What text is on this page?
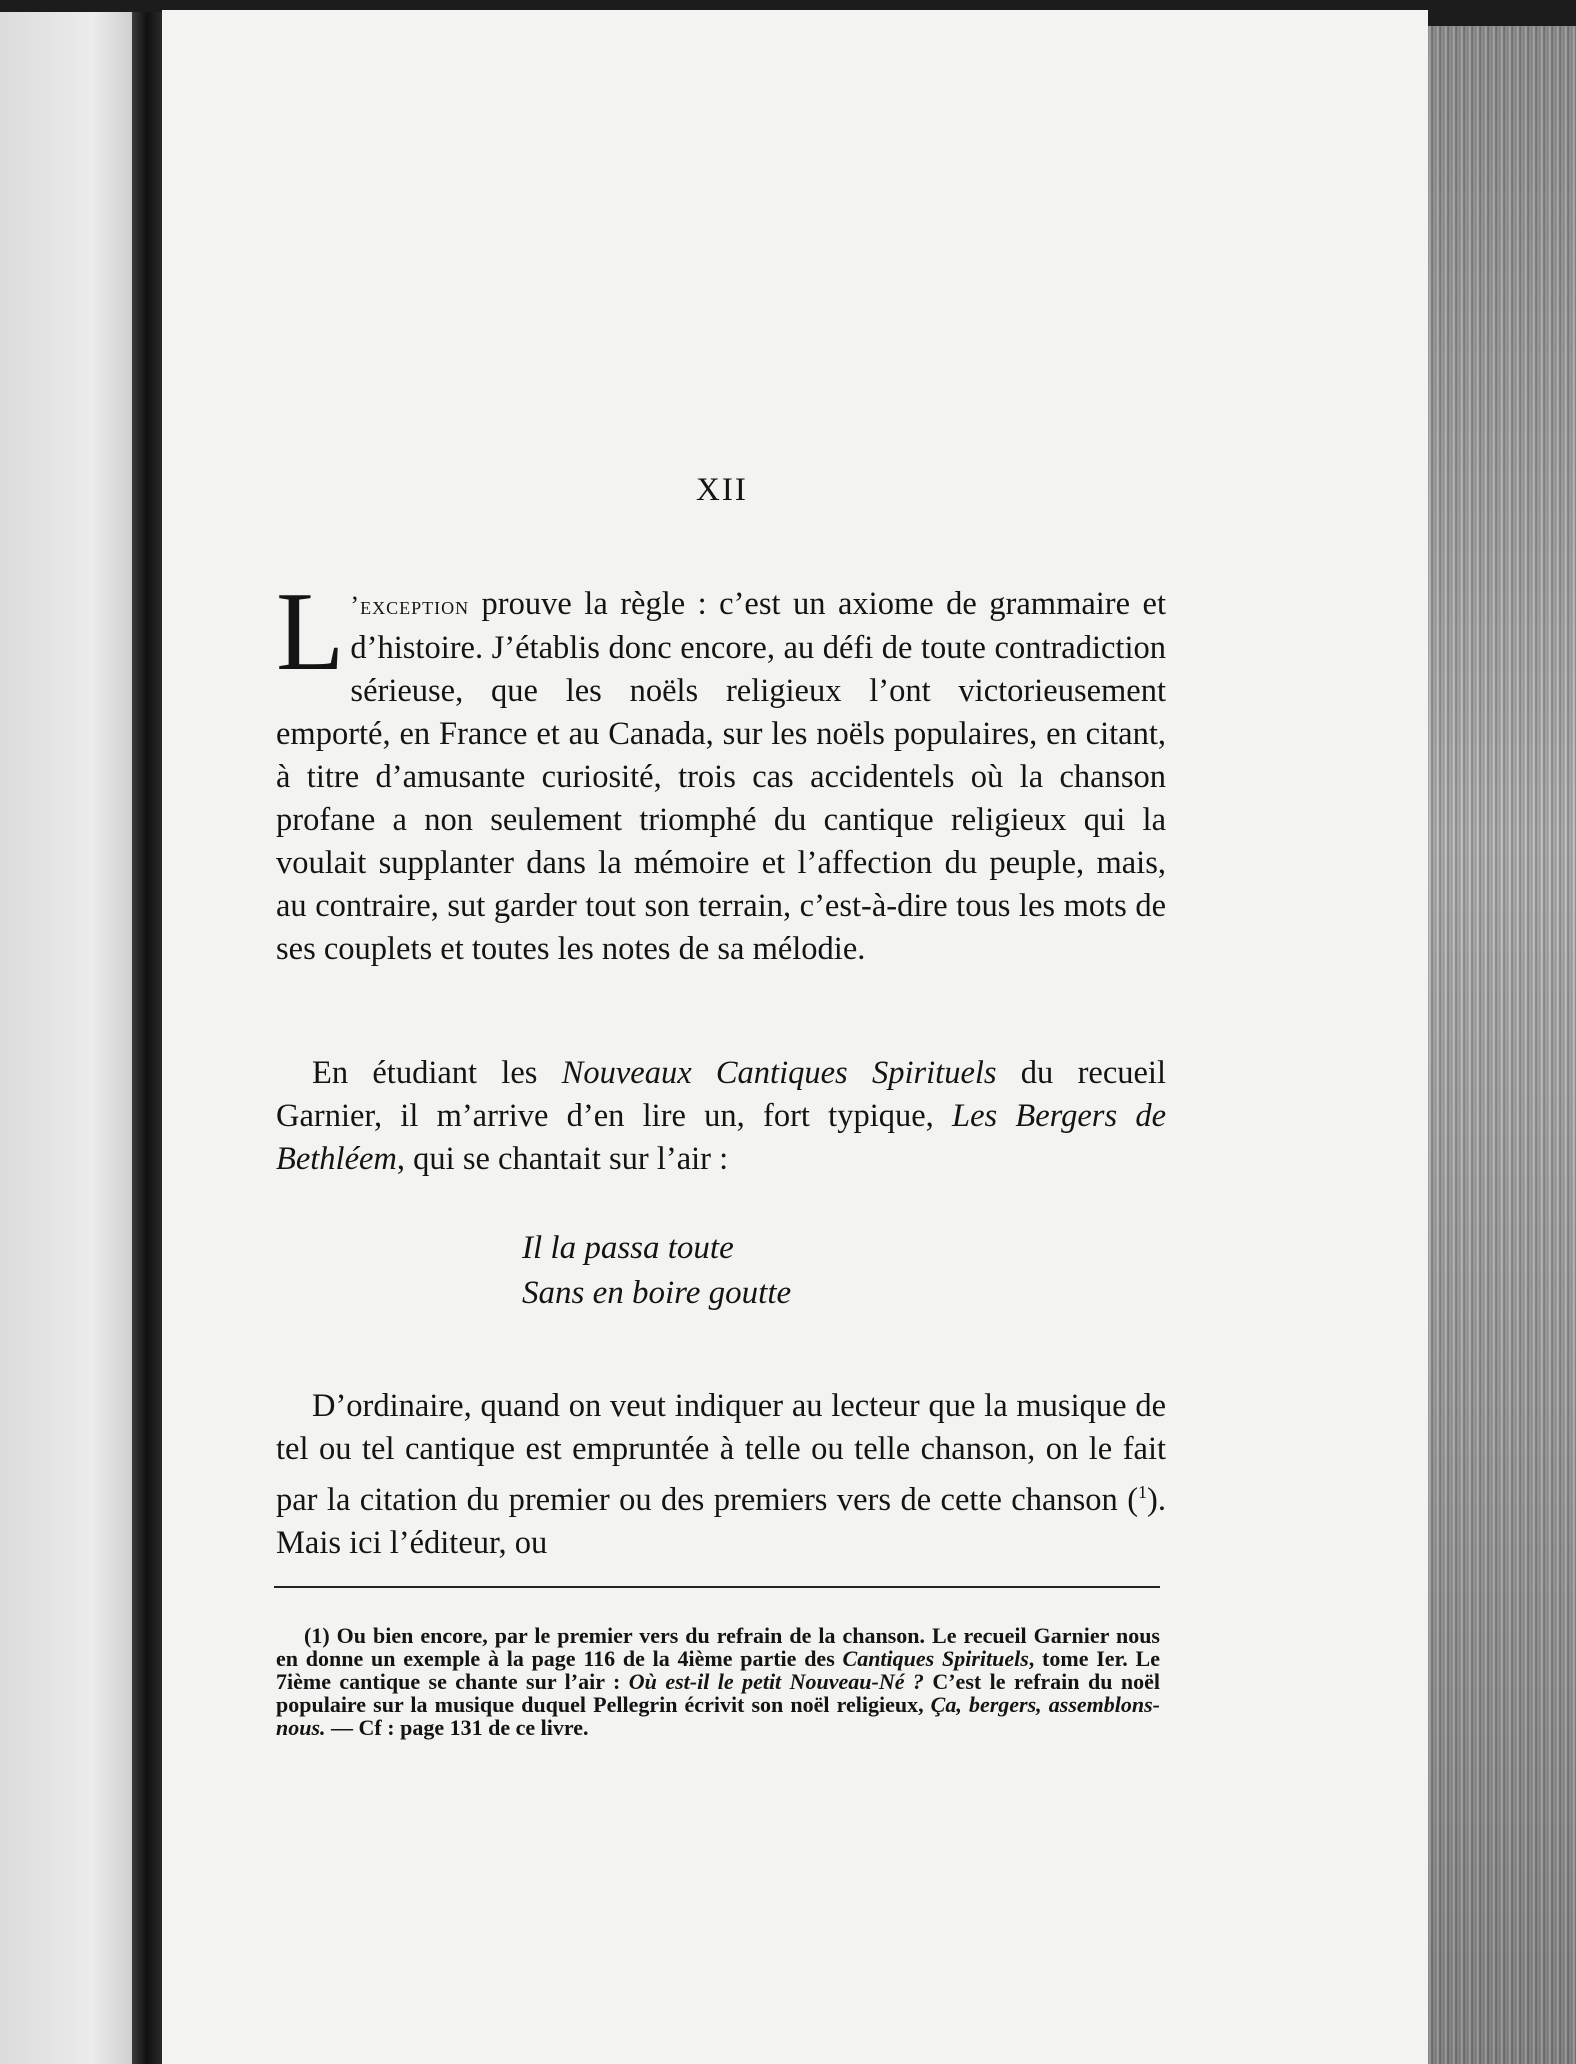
XII
L ’exception prouve la règle : c’est un axiome de grammaire et d’histoire. J’établis donc encore, au défi de toute contradiction sérieuse, que les noëls religieux l’ont victorieusement emporté, en France et au Canada, sur les noëls populaires, en citant, à titre d’amusante curiosité, trois cas accidentels où la chanson profane a non seulement triomphé du cantique religieux qui la voulait supplanter dans la mémoire et l’affection du peuple, mais, au contraire, sut garder tout son terrain, c’est-à-dire tous les mots de ses couplets et toutes les notes de sa mélodie.
En étudiant les Nouveaux Cantiques Spirituels du recueil Garnier, il m’arrive d’en lire un, fort typique, Les Bergers de Bethléem, qui se chantait sur l’air :
Il la passa toute
Sans en boire goutte
D’ordinaire, quand on veut indiquer au lecteur que la musique de tel ou tel cantique est empruntée à telle ou telle chanson, on le fait par la citation du premier ou des premiers vers de cette chanson ($^1$). Mais ici l’éditeur, ou
(1) Ou bien encore, par le premier vers du refrain de la chanson. Le recueil Garnier nous en donne un exemple à la page 116 de la 4ième partie des Cantiques Spirituels, tome Ier. Le 7ième cantique se chante sur l’air : Où est-il le petit Nouveau-Né ? C’est le refrain du noël populaire sur la musique duquel Pellegrin écrivit son noël religieux, Ça, bergers, assemblons-nous. — Cf : page 131 de ce livre.
